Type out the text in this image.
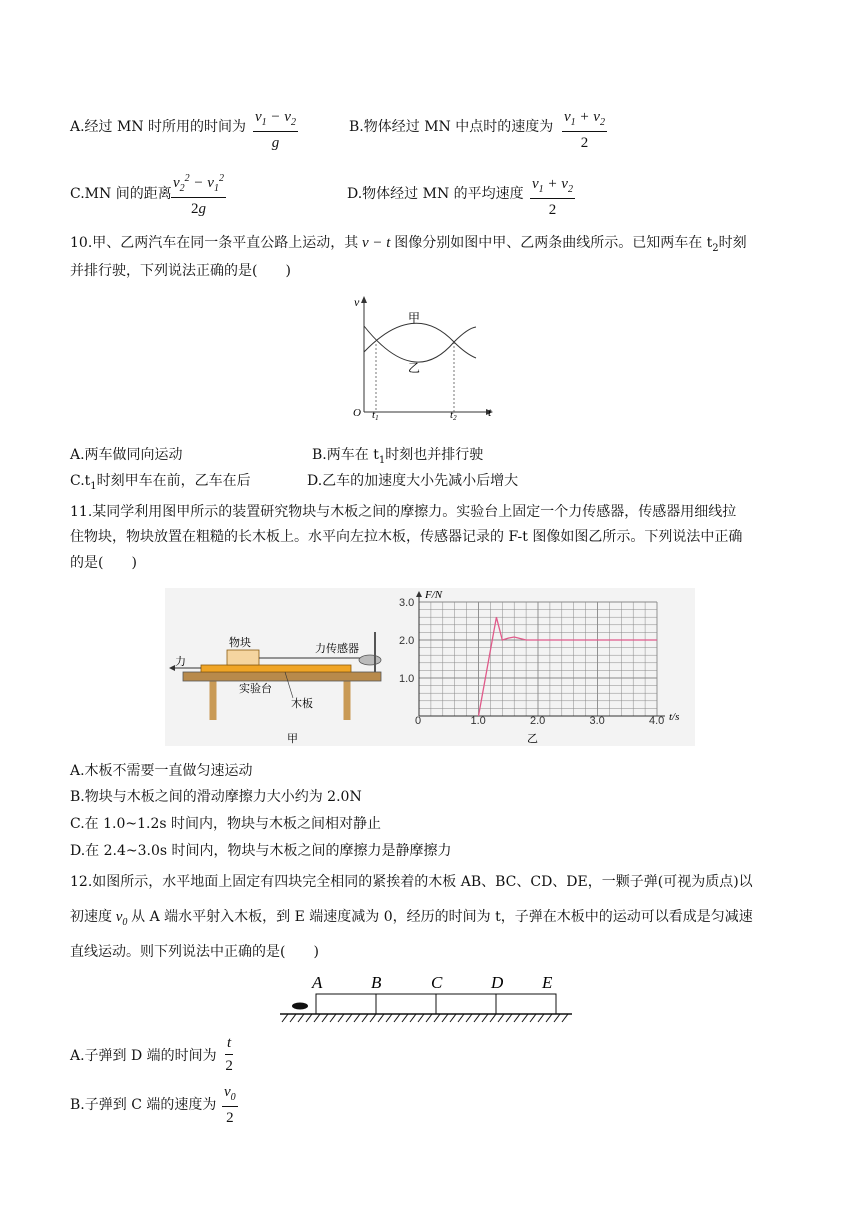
A.经过 MN 时所用的时间为 $\frac{v_1 - v_2}{g}$	B.物体经过 MN 中点时的速度为 $\frac{v_1 + v_2}{2}$
C.MN 间的距离 $\frac{v_2^2 - v_1^2}{2g}$	D.物体经过 MN 的平均速度 $\frac{v_1 + v_2}{2}$
10.甲、乙两汽车在同一条平直公路上运动，其 v − t 图像分别如图中甲、乙两条曲线所示。已知两车在 $t_2$时刻
并排行驶，下列说法正确的是(　　)
v
O	t
t1	t2
甲
乙
A.两车做同向运动	B.两车在 $t_1$时刻也并排行驶
$C.t_1$时刻甲车在前，乙车在后	D.乙车的加速度大小先减小后增大
11.某同学利用图甲所示的装置研究物块与木板之间的摩擦力。实验台上固定一个力传感器，传感器用细线拉
住物块，物块放置在粗糙的长木板上。水平向左拉木板，传感器记录的 F-t 图像如图乙所示。下列说法中正确
的是(　　)
物块	力传感器
力
实验台
木板
甲
0	1.0	2.0	3.0	4.0
1.0
2.0
3.0
F/N
t/s
乙
A.木板不需要一直做匀速运动
B.物块与木板之间的滑动摩擦力大小约为 2.0N
C.在 1.0~1.2s 时间内，物块与木板之间相对静止
D.在 2.4~3.0s 时间内，物块与木板之间的摩擦力是静摩擦力
12.如图所示，水平地面上固定有四块完全相同的紧挨着的木板 AB、BC、CD、DE，一颗子弹(可视为质点)以
初速度 $v_0$ 从 A 端水平射入木板，到 E 端速度减为 0，经历的时间为 t，子弹在木板中的运动可以看成是匀减速
直线运动。则下列说法中正确的是(　　)
A	B	C	D E
A.子弹到 D 端的时间为 $\frac{t}{2}$
B.子弹到 C 端的速度为 $\frac{v_0}{2}$
